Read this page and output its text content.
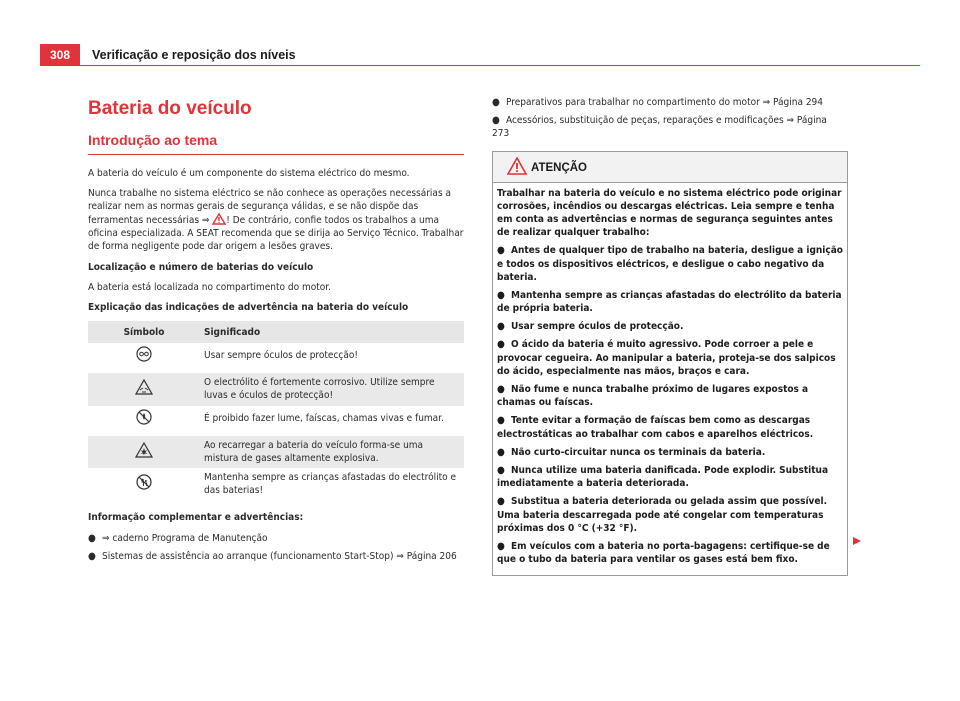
308	Verificação e reposição dos níveis
Bateria do veículo
Introdução ao tema

A bateria do veículo é um componente do sistema eléctrico do mesmo.

Nunca trabalhe no sistema eléctrico se não conhece as operações necessárias a realizar nem as normas gerais de segurança válidas, e se não dispõe das ferramentas necessárias ⇒ ! De contrário, confie todos os trabalhos a uma oficina especializada. A SEAT recomenda que se dirija ao Serviço Técnico. Trabalhar de forma negligente pode dar origem a lesões graves.

Localização e número de baterias do veículo

A bateria está localizada no compartimento do motor.

Explicação das indicações de advertência na bateria do veículo

Símbolo	Significado
	Usar sempre óculos de protecção!
	O electrólito é fortemente corrosivo. Utilize sempre luvas e óculos de protecção!
	É proibido fazer lume, faíscas, chamas vivas e fumar.
	Ao recarregar a bateria do veículo forma-se uma mistura de gases altamente explosiva.
	Mantenha sempre as crianças afastadas do electrólito e das baterias!

Informação complementar e advertências:

● ⇒ caderno Programa de Manutenção
● Sistemas de assistência ao arranque (funcionamento Start-Stop) ⇒ Página 206
● Preparativos para trabalhar no compartimento do motor ⇒ Página 294
● Acessórios, substituição de peças, reparações e modificações ⇒ Página 273
ATENÇÃO

Trabalhar na bateria do veículo e no sistema eléctrico pode originar corrosões, incêndios ou descargas eléctricas. Leia sempre e tenha em conta as advertências e normas de segurança seguintes antes de realizar qualquer trabalho:

● Antes de qualquer tipo de trabalho na bateria, desligue a ignição e todos os dispositivos eléctricos, e desligue o cabo negativo da bateria.
● Mantenha sempre as crianças afastadas do electrólito da bateria de própria bateria.
● Usar sempre óculos de protecção.
● O ácido da bateria é muito agressivo. Pode corroer a pele e provocar cegueira. Ao manipular a bateria, proteja-se dos salpicos do ácido, especialmente nas mãos, braços e cara.
● Não fume e nunca trabalhe próximo de lugares expostos a chamas ou faíscas.
● Tente evitar a formação de faíscas bem como as descargas electrostáticas ao trabalhar com cabos e aparelhos eléctricos.
● Não curto-circuitar nunca os terminais da bateria.
● Nunca utilize uma bateria danificada. Pode explodir. Substitua imediatamente a bateria deteriorada.
● Substitua a bateria deteriorada ou gelada assim que possível. Uma bateria descarregada pode até congelar com temperaturas próximas dos 0 °C (+32 °F).
● Em veículos com a bateria no porta-bagagens: certifique-se de que o tubo da bateria para ventilar os gases está bem fixo.
